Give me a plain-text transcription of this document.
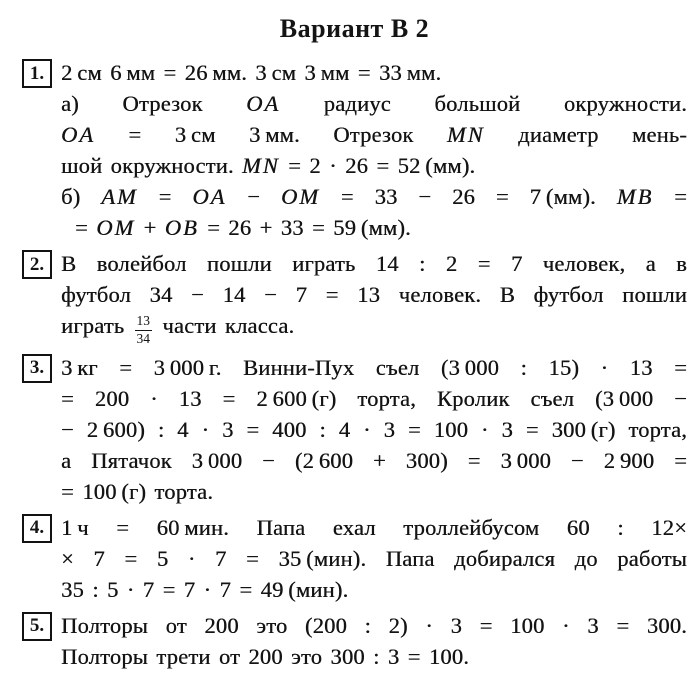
Вариант В 2
1. 2 см 6 мм = 26 мм. 3 см 3 мм = 33 мм.
а) Отрезок OA радиус большой окружности.
OA = 3 см 3 мм. Отрезок MN диаметр мень-
шой окружности. MN = 2 · 26 = 52 (мм).
б) AM = OA − OM = 33 − 26 = 7 (мм). MB =
= OM + OB = 26 + 33 = 59 (мм).
2. В волейбол пошли играть 14 : 2 = 7 человек, а в
футбол 34 − 14 − 7 = 13 человек. В футбол пошли
играть $\frac{13}{34}$ части класса.
3. 3 кг = 3 000 г. Винни-Пух съел (3 000 : 15) · 13 =
= 200 · 13 = 2 600 (г) торта, Кролик съел (3 000 −
− 2 600) : 4 · 3 = 400 : 4 · 3 = 100 · 3 = 300 (г) торта,
а Пятачок 3 000 − (2 600 + 300) = 3 000 − 2 900 =
= 100 (г) торта.
4. 1 ч = 60 мин. Папа ехал троллейбусом 60 : 12×
× 7 = 5 · 7 = 35 (мин). Папа добирался до работы
35 : 5 · 7 = 7 · 7 = 49 (мин).
5. Полторы от 200 это (200 : 2) · 3 = 100 · 3 = 300.
Полторы трети от 200 это 300 : 3 = 100.
